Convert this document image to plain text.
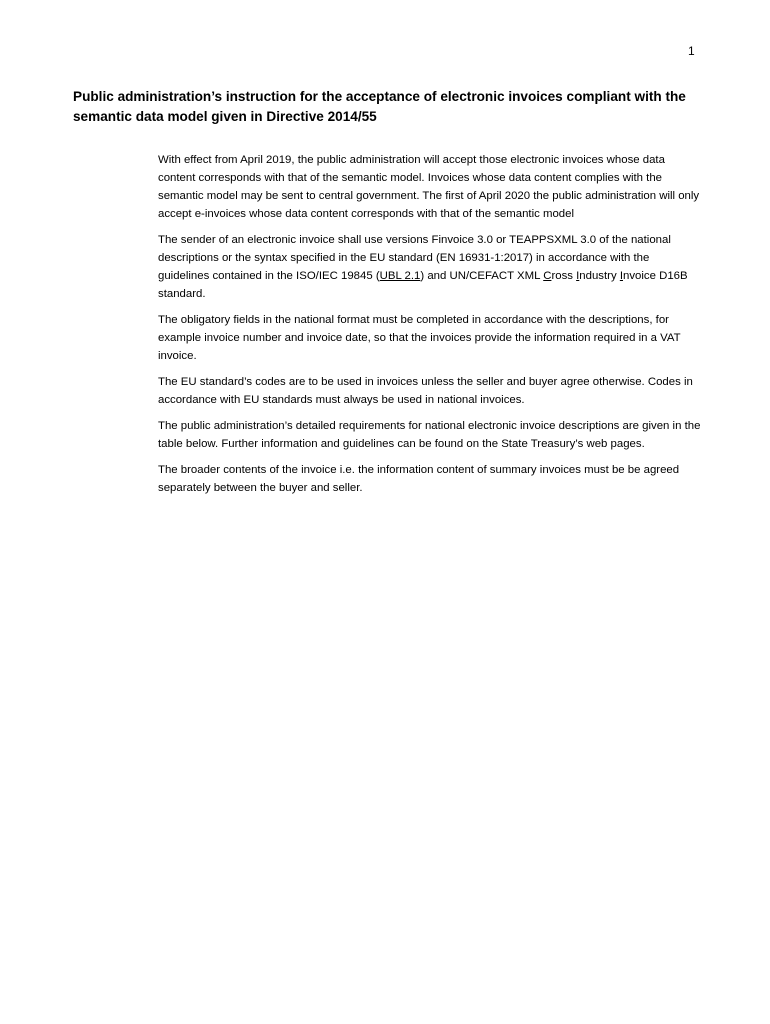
1
Public administration’s instruction for the acceptance of electronic invoices compliant with the semantic data model given in Directive 2014/55

With effect from April 2019, the public administration will accept those electronic invoices whose data content corresponds with that of the semantic model. Invoices whose data content complies with the semantic model may be sent to central government. The first of April 2020 the public administration will only accept e-invoices whose data content corresponds with that of the semantic model

The sender of an electronic invoice shall use versions Finvoice 3.0 or TEAPPSXML 3.0 of the national descriptions or the syntax specified in the EU standard (EN 16931-1:2017) in accordance with the guidelines contained in the ISO/IEC 19845 (UBL 2.1) and UN/CEFACT XML Cross Industry Invoice D16B standard.

The obligatory fields in the national format must be completed in accordance with the descriptions, for example invoice number and invoice date, so that the invoices provide the information required in a VAT invoice.

The EU standard’s codes are to be used in invoices unless the seller and buyer agree otherwise. Codes in accordance with EU standards must always be used in national invoices.

The public administration’s detailed requirements for national electronic invoice descriptions are given in the table below. Further information and guidelines can be found on the State Treasury’s web pages.

The broader contents of the invoice i.e. the information content of summary invoices must be be agreed separately between the buyer and seller.
